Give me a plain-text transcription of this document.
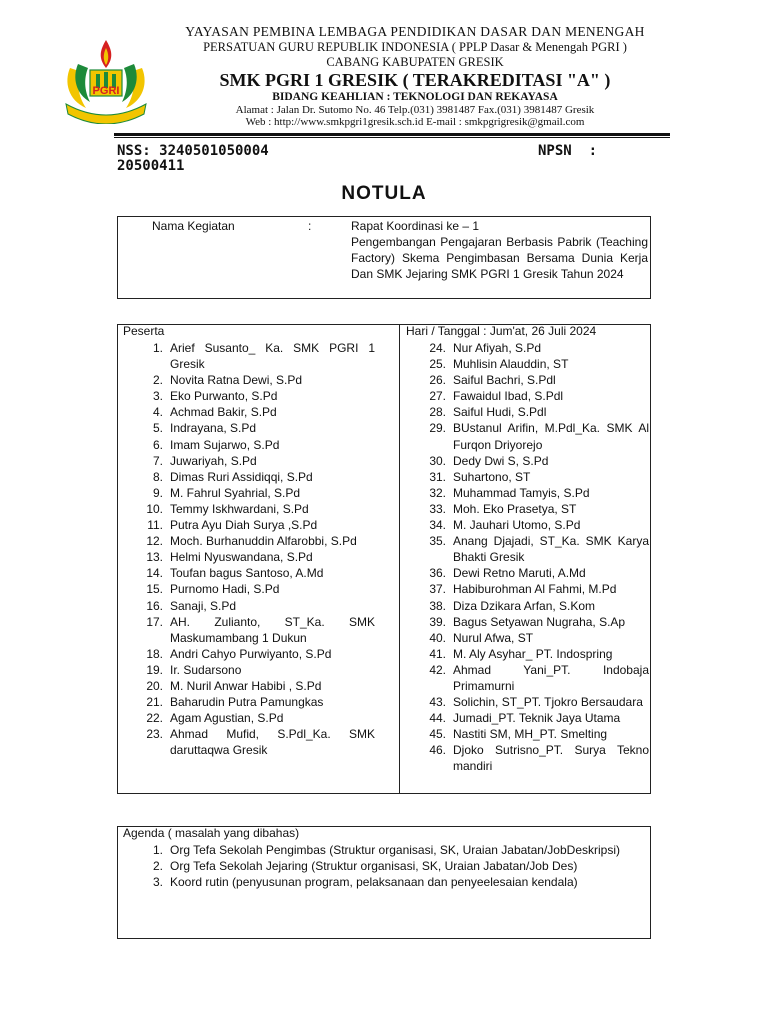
PGRI
YAYASAN PEMBINA LEMBAGA PENDIDIKAN DASAR DAN MENENGAH
PERSATUAN GURU REPUBLIK INDONESIA ( PPLP Dasar & Menengah PGRI )
CABANG KABUPATEN GRESIK
SMK PGRI 1 GRESIK ( TERAKREDITASI "A" )
BIDANG KEAHLIAN : TEKNOLOGI DAN REKAYASA
Alamat : Jalan Dr. Sutomo No. 46 Telp.(031) 3981487 Fax.(031) 3981487 Gresik
Web : http://www.smkpgri1gresik.sch.id E-mail : smkpgrigresik@gmail.com
NSS: 3240501050004	NPSN  :
20500411
NOTULA
Nama Kegiatan	:	Rapat Koordinasi ke – 1
Pengembangan Pengajaran Berbasis Pabrik (Teaching Factory) Skema Pengimbasan Bersama Dunia Kerja Dan SMK Jejaring SMK PGRI 1 Gresik Tahun 2024
Peserta	Hari / Tanggal : Jum'at, 26 Juli 2024
1. Arief Susanto_ Ka. SMK PGRI 1 Gresik
2. Novita Ratna Dewi, S.Pd
3. Eko Purwanto, S.Pd
4. Achmad Bakir, S.Pd
5. Indrayana, S.Pd
6. Imam Sujarwo, S.Pd
7. Juwariyah, S.Pd
8. Dimas Ruri Assidiqqi, S.Pd
9. M. Fahrul Syahrial, S.Pd
10. Temmy Iskhwardani, S.Pd
11. Putra Ayu Diah Surya ,S.Pd
12. Moch. Burhanuddin Alfarobbi, S.Pd
13. Helmi Nyuswandana, S.Pd
14. Toufan bagus Santoso, A.Md
15. Purnomo Hadi, S.Pd
16. Sanaji, S.Pd
17. AH. Zulianto, ST_Ka. SMK Maskumambang 1 Dukun
18. Andri Cahyo Purwiyanto, S.Pd
19. Ir. Sudarsono
20. M. Nuril Anwar Habibi , S.Pd
21. Baharudin Putra Pamungkas
22. Agam Agustian, S.Pd
23. Ahmad Mufid, S.Pdl_Ka. SMK daruttaqwa Gresik
24. Nur Afiyah, S.Pd
25. Muhlisin Alauddin, ST
26. Saiful Bachri, S.Pdl
27. Fawaidul Ibad, S.Pdl
28. Saiful Hudi, S.Pdl
29. BUstanul Arifin, M.Pdl_Ka. SMK Al Furqon Driyorejo
30. Dedy Dwi S, S.Pd
31. Suhartono, ST
32. Muhammad Tamyis, S.Pd
33. Moh. Eko Prasetya, ST
34. M. Jauhari Utomo, S.Pd
35. Anang Djajadi, ST_Ka. SMK Karya Bhakti Gresik
36. Dewi Retno Maruti, A.Md
37. Habiburohman Al Fahmi, M.Pd
38. Diza Dzikara Arfan, S.Kom
39. Bagus Setyawan Nugraha, S.Ap
40. Nurul Afwa, ST
41. M. Aly Asyhar_ PT. Indospring
42. Ahmad Yani_PT. Indobaja Primamurni
43. Solichin, ST_PT. Tjokro Bersaudara
44. Jumadi_PT. Teknik Jaya Utama
45. Nastiti SM, MH_PT. Smelting
46. Djoko Sutrisno_PT. Surya Tekno mandiri
Agenda ( masalah yang dibahas)
1. Org Tefa Sekolah Pengimbas (Struktur organisasi, SK, Uraian Jabatan/JobDeskripsi)
2. Org Tefa Sekolah Jejaring (Struktur organisasi, SK, Uraian Jabatan/Job Des)
3. Koord rutin (penyusunan program, pelaksanaan dan penyeelesaian kendala)
